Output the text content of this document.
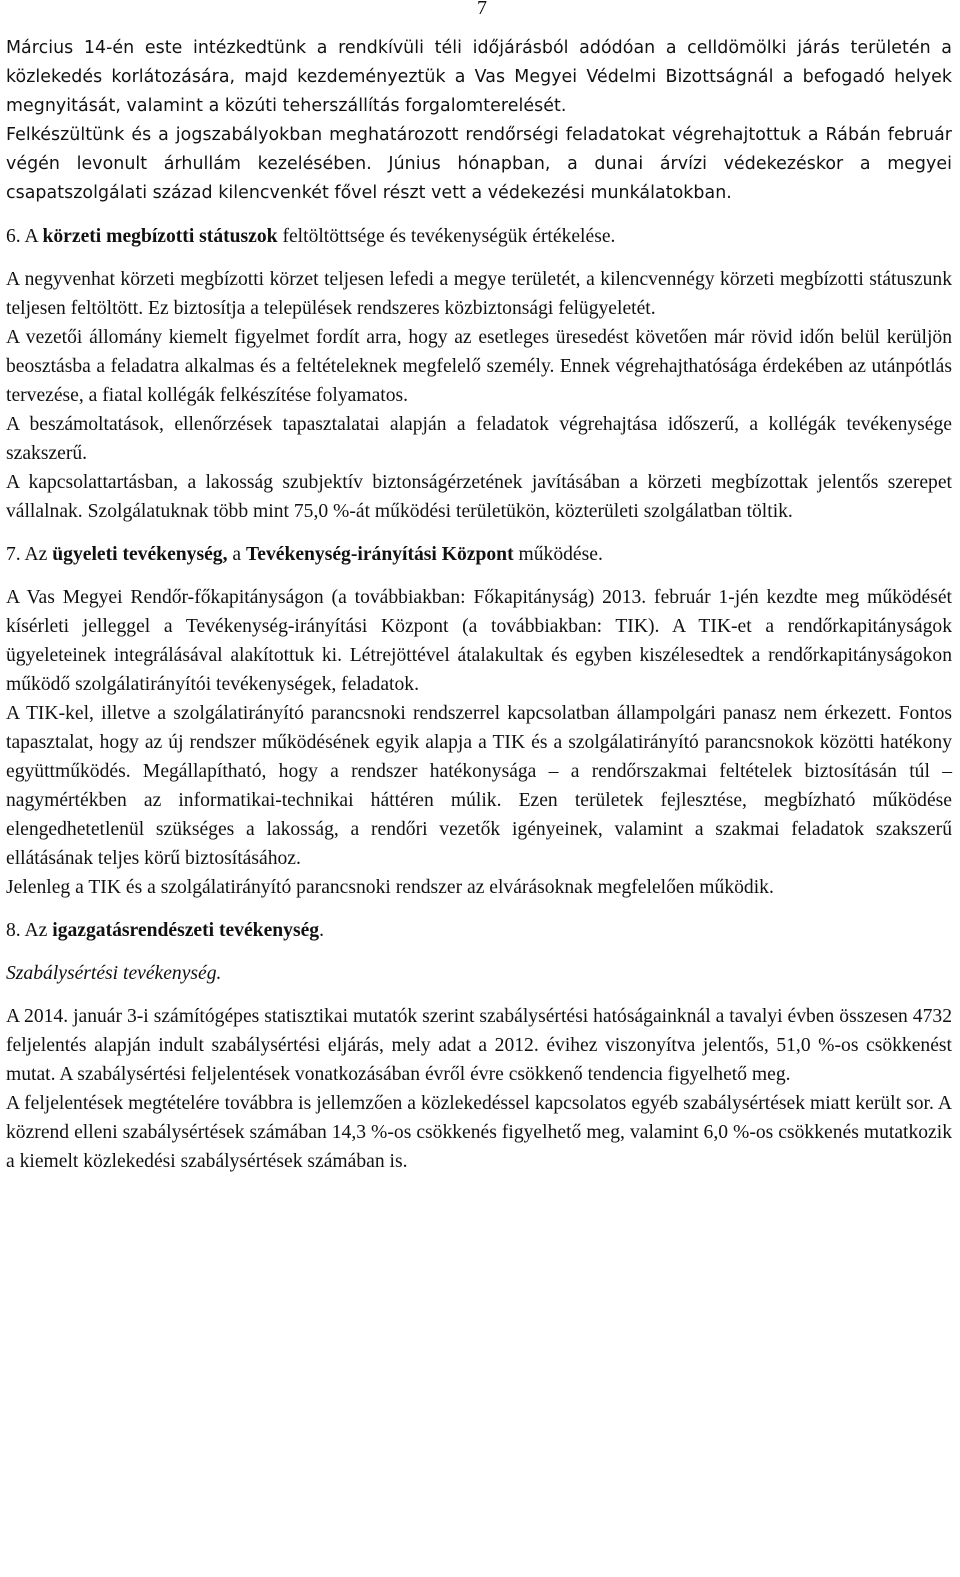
7

Március 14-én este intézkedtünk a rendkívüli téli időjárásból adódóan a celldömölki járás területén a közlekedés korlátozására, majd kezdeményeztük a Vas Megyei Védelmi Bizottságnál a befogadó helyek megnyitását, valamint a közúti teherszállítás forgalomterelését.

Felkészültünk és a jogszabályokban meghatározott rendőrségi feladatokat végrehajtottuk a Rábán február végén levonult árhullám kezelésében. Június hónapban, a dunai árvízi védekezéskor a megyei csapatszolgálati század kilencvenkét fővel részt vett a védekezési munkálatokban.

6. A körzeti megbízotti státuszok feltöltöttsége és tevékenységük értékelése.

A negyvenhat körzeti megbízotti körzet teljesen lefedi a megye területét, a kilencvennégy körzeti megbízotti státuszunk teljesen feltöltött. Ez biztosítja a települések rendszeres közbiztonsági felügyeletét.

A vezetői állomány kiemelt figyelmet fordít arra, hogy az esetleges üresedést követően már rövid időn belül kerüljön beosztásba a feladatra alkalmas és a feltételeknek megfelelő személy. Ennek végrehajthatósága érdekében az utánpótlás tervezése, a fiatal kollégák felkészítése folyamatos.

A beszámoltatások, ellenőrzések tapasztalatai alapján a feladatok végrehajtása időszerű, a kollégák tevékenysége szakszerű.

A kapcsolattartásban, a lakosság szubjektív biztonságérzetének javításában a körzeti megbízottak jelentős szerepet vállalnak. Szolgálatuknak több mint 75,0 %-át működési területükön, közterületi szolgálatban töltik.

7. Az ügyeleti tevékenység, a Tevékenység-irányítási Központ működése.

A Vas Megyei Rendőr-főkapitányságon (a továbbiakban: Főkapitányság) 2013. február 1-jén kezdte meg működését kísérleti jelleggel a Tevékenység-irányítási Központ (a továbbiakban: TIK). A TIK-et a rendőrkapitányságok ügyeleteinek integrálásával alakítottuk ki. Létrejöttével átalakultak és egyben kiszélesedtek a rendőrkapitányságokon működő szolgálatirányítói tevékenységek, feladatok.

A TIK-kel, illetve a szolgálatirányító parancsnoki rendszerrel kapcsolatban állampolgári panasz nem érkezett. Fontos tapasztalat, hogy az új rendszer működésének egyik alapja a TIK és a szolgálatirányító parancsnokok közötti hatékony együttműködés. Megállapítható, hogy a rendszer hatékonysága – a rendőrszakmai feltételek biztosításán túl – nagymértékben az informatikai-technikai háttéren múlik. Ezen területek fejlesztése, megbízható működése elengedhetetlenül szükséges a lakosság, a rendőri vezetők igényeinek, valamint a szakmai feladatok szakszerű ellátásának teljes körű biztosításához.

Jelenleg a TIK és a szolgálatirányító parancsnoki rendszer az elvárásoknak megfelelően működik.

8. Az igazgatásrendészeti tevékenység.

Szabálysértési tevékenység.

A 2014. január 3-i számítógépes statisztikai mutatók szerint szabálysértési hatóságainknál a tavalyi évben összesen 4732 feljelentés alapján indult szabálysértési eljárás, mely adat a 2012. évihez viszonyítva jelentős, 51,0 %-os csökkenést mutat. A szabálysértési feljelentések vonatkozásában évről évre csökkenő tendencia figyelhető meg.

A feljelentések megtételére továbbra is jellemzően a közlekedéssel kapcsolatos egyéb szabálysértések miatt került sor. A közrend elleni szabálysértések számában 14,3 %-os csökkenés figyelhető meg, valamint 6,0 %-os csökkenés mutatkozik a kiemelt közlekedési szabálysértések számában is.
